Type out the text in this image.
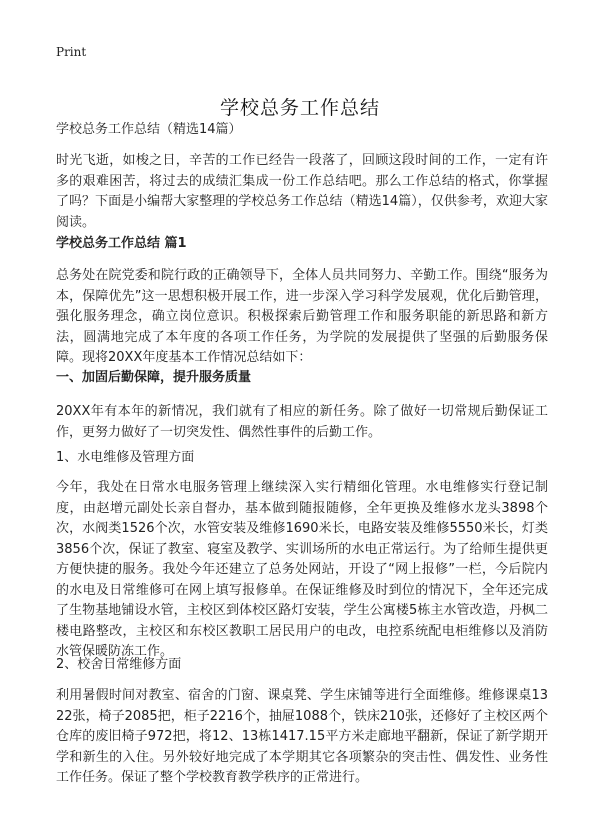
Print
学校总务工作总结

学校总务工作总结（精选14篇）

时光飞逝，如梭之日，辛苦的工作已经告一段落了，回顾这段时间的工作，一定有许多的艰难困苦，将过去的成绩汇集成一份工作总结吧。那么工作总结的格式，你掌握了吗？下面是小编帮大家整理的学校总务工作总结（精选14篇），仅供参考，欢迎大家阅读。

学校总务工作总结 篇1

总务处在院党委和院行政的正确领导下，全体人员共同努力、辛勤工作。围绕“服务为本，保障优先”这一思想积极开展工作，进一步深入学习科学发展观，优化后勤管理，强化服务理念，确立岗位意识。积极探索后勤管理工作和服务职能的新思路和新方法，圆满地完成了本年度的各项工作任务，为学院的发展提供了坚强的后勤服务保障。现将20XX年度基本工作情况总结如下：

一、加固后勤保障，提升服务质量

20XX年有本年的新情况，我们就有了相应的新任务。除了做好一切常规后勤保证工作，更努力做好了一切突发性、偶然性事件的后勤工作。

1、水电维修及管理方面

今年，我处在日常水电服务管理上继续深入实行精细化管理。水电维修实行登记制度，由赵增元副处长亲自督办，基本做到随报随修，全年更换及维修水龙头3898个次，水阀类1526个次，水管安装及维修1690米长，电路安装及维修5550米长，灯类3856个次，保证了教室、寝室及教学、实训场所的水电正常运行。为了给师生提供更方便快捷的服务。我处今年还建立了总务处网站，开设了“网上报修”一栏，今后院内的水电及日常维修可在网上填写报修单。在保证维修及时到位的情况下，全年还完成了生物基地铺设水管，主校区到体校区路灯安装，学生公寓楼5栋主水管改造，丹枫二楼电路整改，主校区和东校区教职工居民用户的电改，电控系统配电柜维修以及消防水管保暖防冻工作。

2、校舍日常维修方面

利用暑假时间对教室、宿舍的门窗、课桌凳、学生床铺等进行全面维修。维修课桌1322张，椅子2085把，柜子2216个，抽屉1088个，铁床210张，还修好了主校区两个仓库的废旧椅子972把，将12、13栋1417.15平方米走廊地平翻新，保证了新学期开学和新生的入住。另外较好地完成了本学期其它各项繁杂的突击性、偶发性、业务性工作任务。保证了整个学校教育教学秩序的正常进行。
